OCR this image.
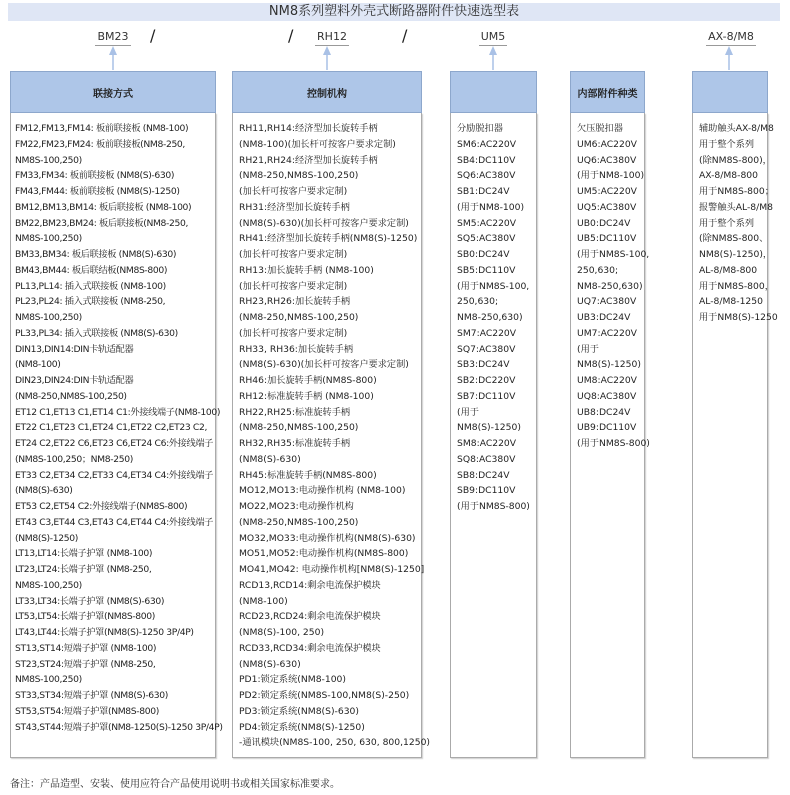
NM8系列塑料外壳式断路器附件快速选型表
BM23	RH12	UM5	AX-8/M8
/	/	/
联接方式	控制机构	内部附件种类
FM12,FM13,FM14: 板前联接板 (NM8-100)
FM22,FM23,FM24: 板前联接板(NM8-250,
NM8S-100,250)
FM33,FM34: 板前联接板 (NM8(S)-630)
FM43,FM44: 板前联接板 (NM8(S)-1250)
BM12,BM13,BM14: 板后联接板 (NM8-100)
BM22,BM23,BM24: 板后联接板(NM8-250,
NM8S-100,250)
BM33,BM34: 板后联接板 (NM8(S)-630)
BM43,BM44: 板后联结板(NM8S-800)
PL13,PL14: 插入式联接板 (NM8-100)
PL23,PL24: 插入式联接板 (NM8-250,
NM8S-100,250)
PL33,PL34: 插入式联接板 (NM8(S)-630)
DIN13,DIN14:DIN卡轨适配器
(NM8-100)
DIN23,DIN24:DIN卡轨适配器
(NM8-250,NM8S-100,250)
ET12 C1,ET13 C1,ET14 C1:外接线端子(NM8-100)
ET22 C1,ET23 C1,ET24 C1,ET22 C2,ET23 C2,
ET24 C2,ET22 C6,ET23 C6,ET24 C6:外接线端子
(NM8S-100,250；NM8-250)
ET33 C2,ET34 C2,ET33 C4,ET34 C4:外接线端子
(NM8(S)-630)
ET53 C2,ET54 C2:外接线端子(NM8S-800)
ET43 C3,ET44 C3,ET43 C4,ET44 C4:外接线端子
(NM8(S)-1250)
LT13,LT14:长端子护罩 (NM8-100)
LT23,LT24:长端子护罩 (NM8-250,
NM8S-100,250)
LT33,LT34:长端子护罩 (NM8(S)-630)
LT53,LT54:长端子护罩(NM8S-800)
LT43,LT44:长端子护罩(NM8(S)-1250 3P/4P)
ST13,ST14:短端子护罩 (NM8-100)
ST23,ST24:短端子护罩 (NM8-250,
NM8S-100,250)
ST33,ST34:短端子护罩 (NM8(S)-630)
ST53,ST54:短端子护罩(NM8S-800)
ST43,ST44:短端子护罩(NM8-1250(S)-1250 3P/4P)
RH11,RH14:经济型加长旋转手柄
(NM8-100)(加长杆可按客户要求定制)
RH21,RH24:经济型加长旋转手柄
(NM8-250,NM8S-100,250)
(加长杆可按客户要求定制)
RH31:经济型加长旋转手柄
(NM8(S)-630)(加长杆可按客户要求定制)
RH41:经济型加长旋转手柄(NM8(S)-1250)
(加长杆可按客户要求定制)
RH13:加长旋转手柄 (NM8-100)
(加长杆可按客户要求定制)
RH23,RH26:加长旋转手柄
(NM8-250,NM8S-100,250)
(加长杆可按客户要求定制)
RH33, RH36:加长旋转手柄
(NM8(S)-630)(加长杆可按客户要求定制)
RH46:加长旋转手柄(NM8S-800)
RH12:标准旋转手柄 (NM8-100)
RH22,RH25:标准旋转手柄
(NM8-250,NM8S-100,250)
RH32,RH35:标准旋转手柄
(NM8(S)-630)
RH45:标准旋转手柄(NM8S-800)
MO12,MO13:电动操作机构 (NM8-100)
MO22,MO23:电动操作机构
(NM8-250,NM8S-100,250)
MO32,MO33:电动操作机构(NM8(S)-630)
MO51,MO52:电动操作机构(NM8S-800)
MO41,MO42: 电动操作机构[NM8(S)-1250]
RCD13,RCD14:剩余电流保护模块
(NM8-100)
RCD23,RCD24:剩余电流保护模块
(NM8(S)-100, 250)
RCD33,RCD34:剩余电流保护模块
(NM8(S)-630)
PD1:锁定系统(NM8-100)
PD2:锁定系统(NM8S-100,NM8(S)-250)
PD3:锁定系统(NM8(S)-630)
PD4:锁定系统(NM8(S)-1250)
-通讯模块(NM8S-100, 250, 630, 800,1250)
分励脱扣器
SM6:AC220V
SB4:DC110V
SQ6:AC380V
SB1:DC24V
(用于NM8-100)
SM5:AC220V
SQ5:AC380V
SB0:DC24V
SB5:DC110V
(用于NM8S-100,
250,630;
NM8-250,630)
SM7:AC220V
SQ7:AC380V
SB3:DC24V
SB2:DC220V
SB7:DC110V
(用于
NM8(S)-1250)
SM8:AC220V
SQ8:AC380V
SB8:DC24V
SB9:DC110V
(用于NM8S-800)
欠压脱扣器
UM6:AC220V
UQ6:AC380V
(用于NM8-100)
UM5:AC220V
UQ5:AC380V
UB0:DC24V
UB5:DC110V
(用于NM8S-100,
250,630;
NM8-250,630)
UQ7:AC380V
UB3:DC24V
UM7:AC220V
(用于
NM8(S)-1250)
UM8:AC220V
UQ8:AC380V
UB8:DC24V
UB9:DC110V
(用于NM8S-800)
辅助触头AX-8/M8
用于整个系列
(除NM8S-800)，
AX-8/M8-800
用于NM8S-800；
报警触头AL-8/M8
用于整个系列
(除NM8S-800、
NM8(S)-1250)，
AL-8/M8-800
用于NM8S-800，
AL-8/M8-1250
用于NM8(S)-1250
备注：产品造型、安装、使用应符合产品使用说明书或相关国家标准要求。
